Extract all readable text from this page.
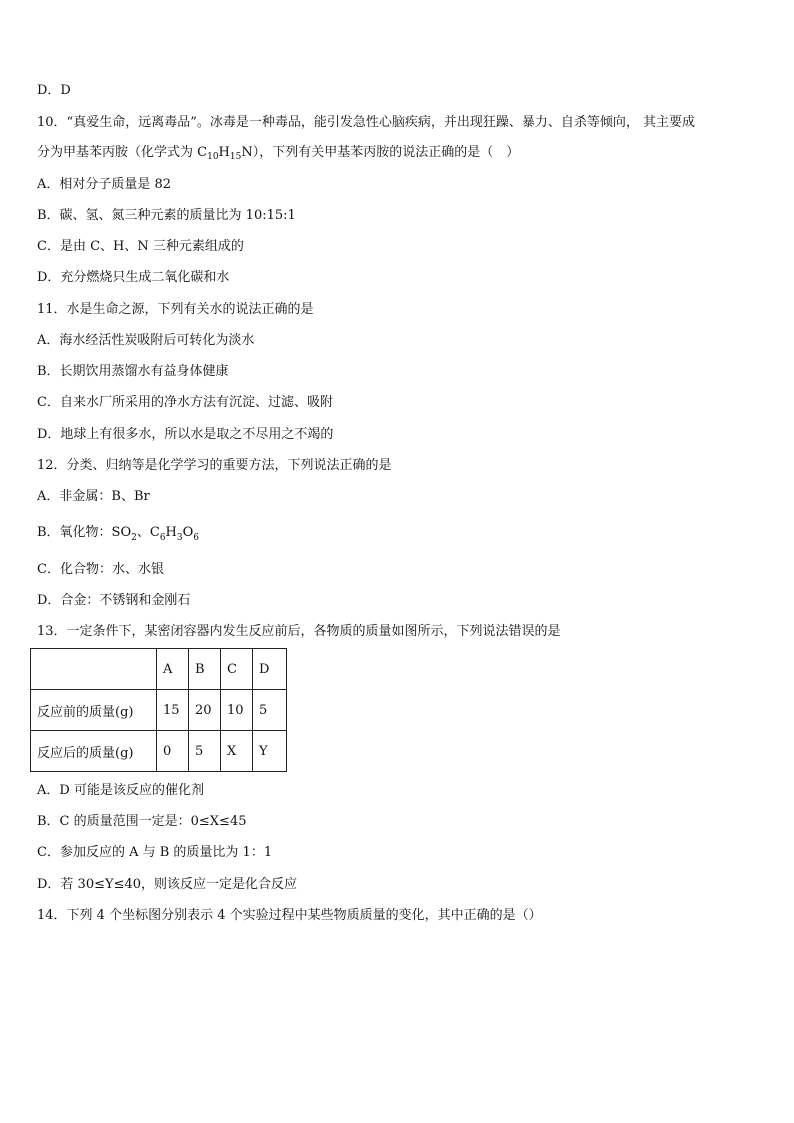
D．D
10．“真爱生命，远离毒品”。冰毒是一种毒品，能引发急性心脑疾病，并出现狂躁、暴力、自杀等倾向， 其主要成
分为甲基苯丙胺（化学式为 $C_{10}H_{15}N$），下列有关甲基苯丙胺的说法正确的是（　）
A．相对分子质量是 82
B．碳、氢、氮三种元素的质量比为 10:15:1
C．是由 C、H、N 三种元素组成的
D．充分燃烧只生成二氧化碳和水
11．水是生命之源，下列有关水的说法正确的是
A．海水经活性炭吸附后可转化为淡水
B．长期饮用蒸馏水有益身体健康
C．自来水厂所采用的净水方法有沉淀、过滤、吸附
D．地球上有很多水，所以水是取之不尽用之不竭的
12．分类、归纳等是化学学习的重要方法，下列说法正确的是
A．非金属：B、Br
B．氧化物：$SO_2$、$C_6H_3O_6$
C．化合物：水、水银
D．合金：不锈钢和金刚石
13．一定条件下，某密闭容器内发生反应前后，各物质的质量如图所示，下列说法错误的是
	A	B	C	D
反应前的质量(g)	15	20	10	5
反应后的质量(g)	0	5	X	Y
A．D 可能是该反应的催化剂
B．C 的质量范围一定是：0≤X≤45
C．参加反应的 A 与 B 的质量比为 1：1
D．若 30≤Y≤40，则该反应一定是化合反应
14．下列 4 个坐标图分别表示 4 个实验过程中某些物质质量的变化，其中正确的是（）
